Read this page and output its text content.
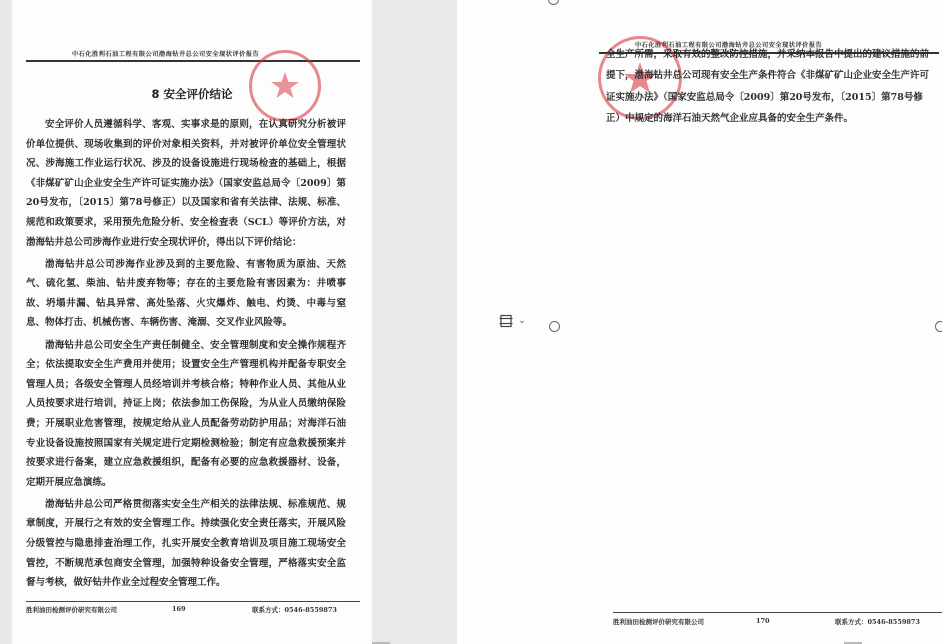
中石化胜利石油工程有限公司渤海钻井总公司安全现状评价报告
8 安全评价结论

安全评价人员遵循科学、客观、实事求是的原则，在认真研究分析被评价单位提供、现场收集到的评价对象相关资料，并对被评价单位安全管理状况、涉海施工作业运行状况、涉及的设备设施进行现场检查的基础上，根据《非煤矿矿山企业安全生产许可证实施办法》（国家安监总局令〔2009〕第20号发布，〔2015〕第78号修正）以及国家和省有关法律、法规、标准、规范和政策要求，采用预先危险分析、安全检查表（SCL）等评价方法，对渤海钻井总公司涉海作业进行安全现状评价，得出以下评价结论：

渤海钻井总公司涉海作业涉及到的主要危险、有害物质为原油、天然气、硫化氢、柴油、钻井废弃物等；存在的主要危险有害因素为：井喷事故、坍塌井漏、钻具异常、高处坠落、火灾爆炸、触电、灼烫、中毒与窒息、物体打击、机械伤害、车辆伤害、淹溺、交叉作业风险等。

渤海钻井总公司安全生产责任制健全、安全管理制度和安全操作规程齐全；依法提取安全生产费用并使用；设置安全生产管理机构并配备专职安全管理人员；各级安全管理人员经培训并考核合格；特种作业人员、其他从业人员按要求进行培训，持证上岗；依法参加工伤保险，为从业人员缴纳保险费；开展职业危害管理，按规定给从业人员配备劳动防护用品；对海洋石油专业设备设施按照国家有关规定进行定期检测检验；制定有应急救援预案并按要求进行备案，建立应急救援组织，配备有必要的应急救援器材、设备，定期开展应急演练。

渤海钻井总公司严格贯彻落实安全生产相关的法律法规、标准规范、规章制度，开展行之有效的安全管理工作。持续强化安全责任落实，开展风险分级管控与隐患排查治理工作，扎实开展安全教育培训及项目施工现场安全管控，不断规范承包商安全管理，加强特种设备安全管理，严格落实安全监督与考核，做好钻井作业全过程安全管理工作。

胜利油田检测评价研究有限公司	169	联系方式：0546-8559873
⌄
中石化胜利石油工程有限公司渤海钻井总公司安全现状评价报告
全生产所需，采取有效的整改防控措施，并采纳本报告中提出的建议措施的前提下，渤海钻井总公司现有安全生产条件符合《非煤矿矿山企业安全生产许可证实施办法》（国家安监总局令〔2009〕第20号发布，〔2015〕第78号修正）中规定的海洋石油天然气企业应具备的安全生产条件。
胜利油田检测评价研究有限公司	170	联系方式：0546-8559873
